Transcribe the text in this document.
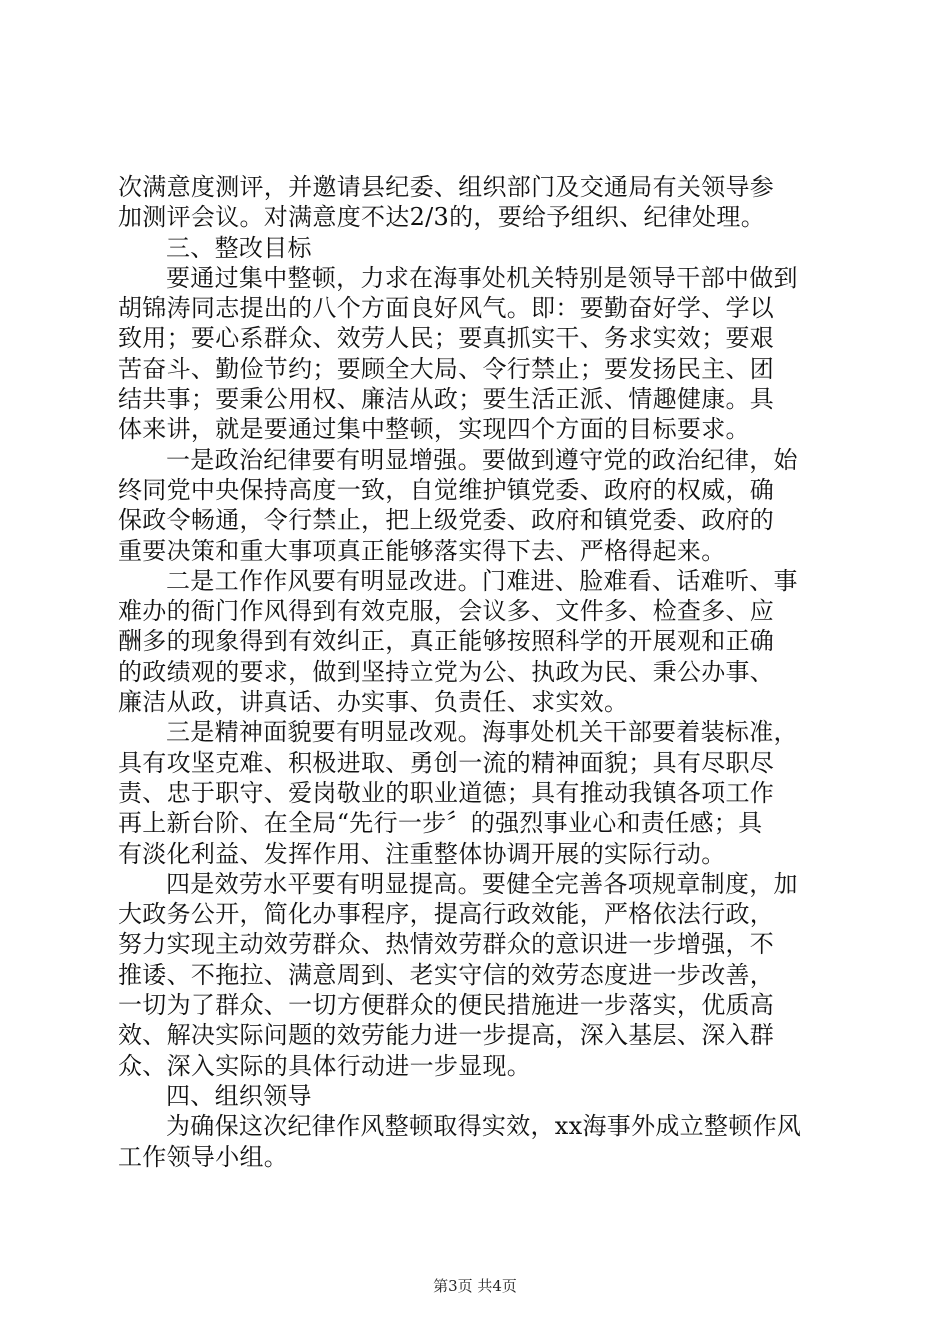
次满意度测评，并邀请县纪委、组织部门及交通局有关领导参
加测评会议。对满意度不达2/3的，要给予组织、纪律处理。
三、整改目标
要通过集中整顿，力求在海事处机关特别是领导干部中做到
胡锦涛同志提出的八个方面良好风气。即：要勤奋好学、学以
致用；要心系群众、效劳人民；要真抓实干、务求实效；要艰
苦奋斗、勤俭节约；要顾全大局、令行禁止；要发扬民主、团
结共事；要秉公用权、廉洁从政；要生活正派、情趣健康。具
体来讲，就是要通过集中整顿，实现四个方面的目标要求。
一是政治纪律要有明显增强。要做到遵守党的政治纪律，始
终同党中央保持高度一致，自觉维护镇党委、政府的权威，确
保政令畅通，令行禁止，把上级党委、政府和镇党委、政府的
重要决策和重大事项真正能够落实得下去、严格得起来。
二是工作作风要有明显改进。门难进、脸难看、话难听、事
难办的衙门作风得到有效克服，会议多、文件多、检查多、应
酬多的现象得到有效纠正，真正能够按照科学的开展观和正确
的政绩观的要求，做到坚持立党为公、执政为民、秉公办事、
廉洁从政，讲真话、办实事、负责任、求实效。
三是精神面貌要有明显改观。海事处机关干部要着装标准，
具有攻坚克难、积极进取、勇创一流的精神面貌；具有尽职尽
责、忠于职守、爱岗敬业的职业道德；具有推动我镇各项工作
再上新台阶、在全局“先行一步〞的强烈事业心和责任感；具
有淡化利益、发挥作用、注重整体协调开展的实际行动。
四是效劳水平要有明显提高。要健全完善各项规章制度，加
大政务公开，简化办事程序，提高行政效能，严格依法行政，
努力实现主动效劳群众、热情效劳群众的意识进一步增强，不
推诿、不拖拉、满意周到、老实守信的效劳态度进一步改善，
一切为了群众、一切方便群众的便民措施进一步落实，优质高
效、解决实际问题的效劳能力进一步提高，深入基层、深入群
众、深入实际的具体行动进一步显现。
四、组织领导
为确保这次纪律作风整顿取得实效，xx海事外成立整顿作风
工作领导小组。
第3页 共4页
